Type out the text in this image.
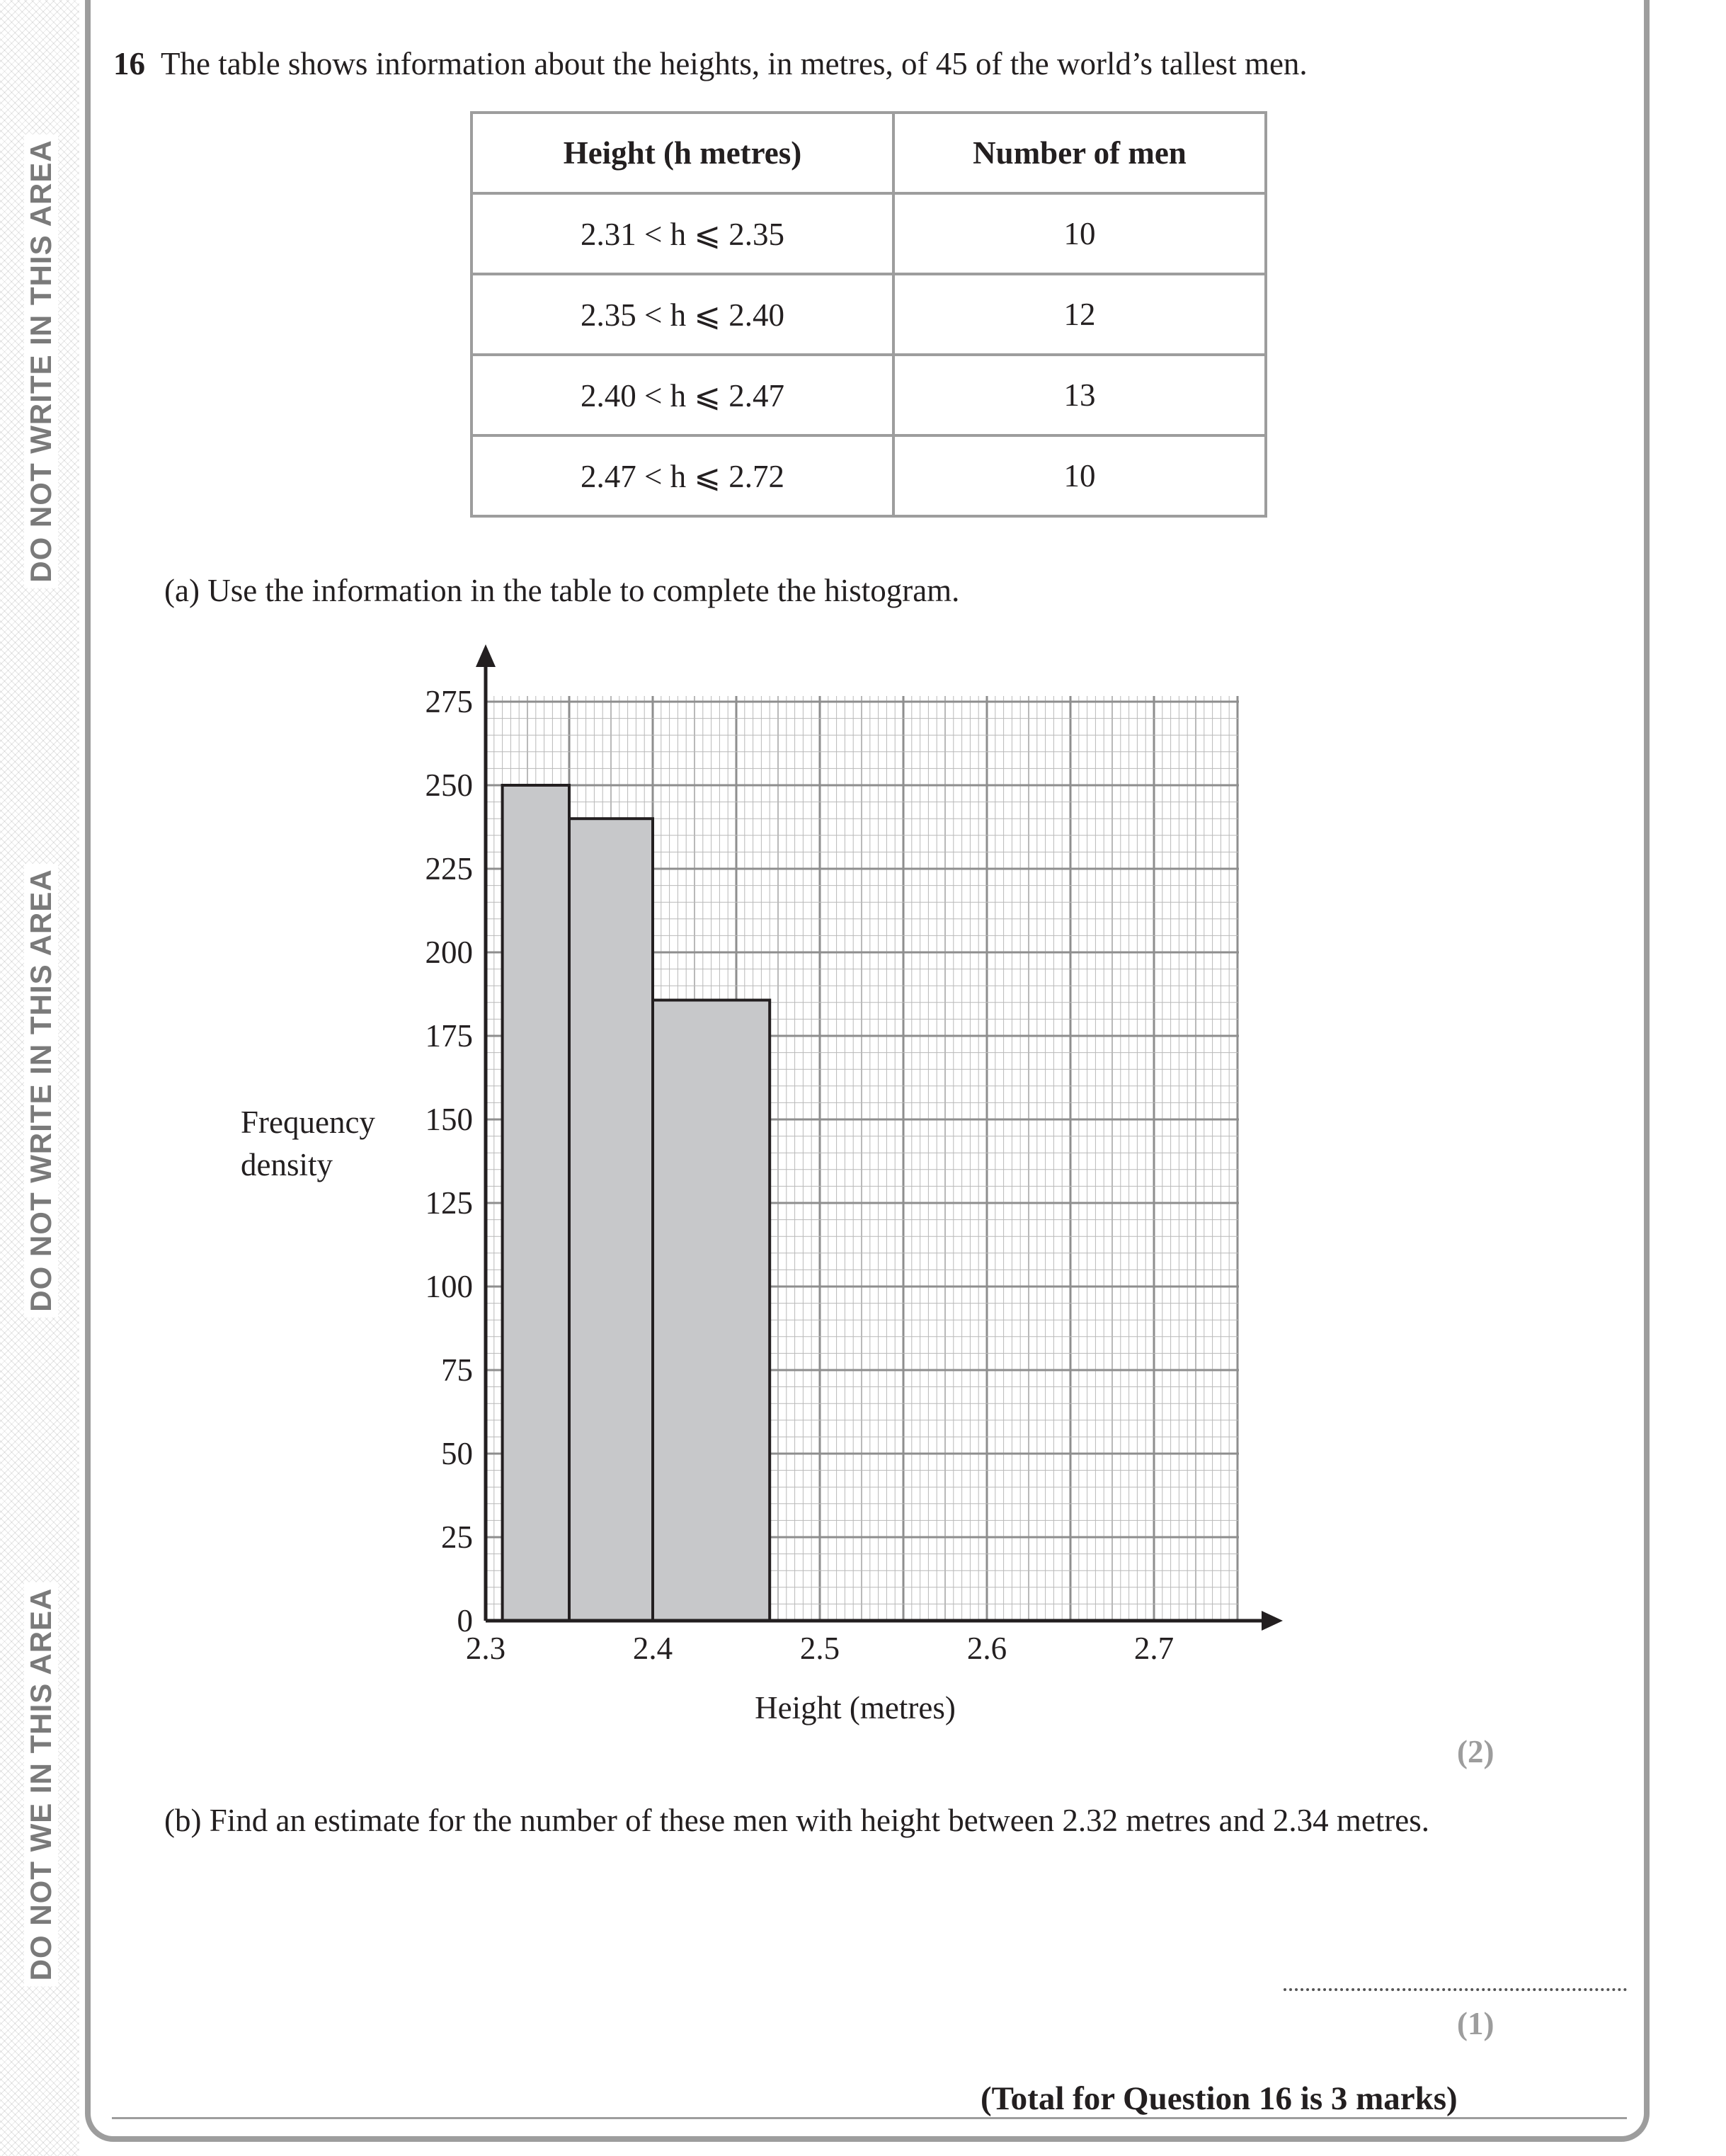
DO NOT WRITE IN THIS AREA
DO NOT WRITE IN THIS AREA
DO NOT WE IN THIS AREA
16 The table shows information about the heights, in metres, of 45 of the world’s tallest men.
Height (h metres)	Number of men
2.31 < h ⩽ 2.35	10
2.35 < h ⩽ 2.40	12
2.40 < h ⩽ 2.47	13
2.47 < h ⩽ 2.72	10
(a) Use the information in the table to complete the histogram.
0
25
50
75
100
125
150
175
200
225
250
275
2.3	2.4	2.5	2.6	2.7
Height (metres)
Frequency density
(2)
(b) Find an estimate for the number of these men with height between 2.32 metres and 2.34 metres.
(1)
(Total for Question 16 is 3 marks)
